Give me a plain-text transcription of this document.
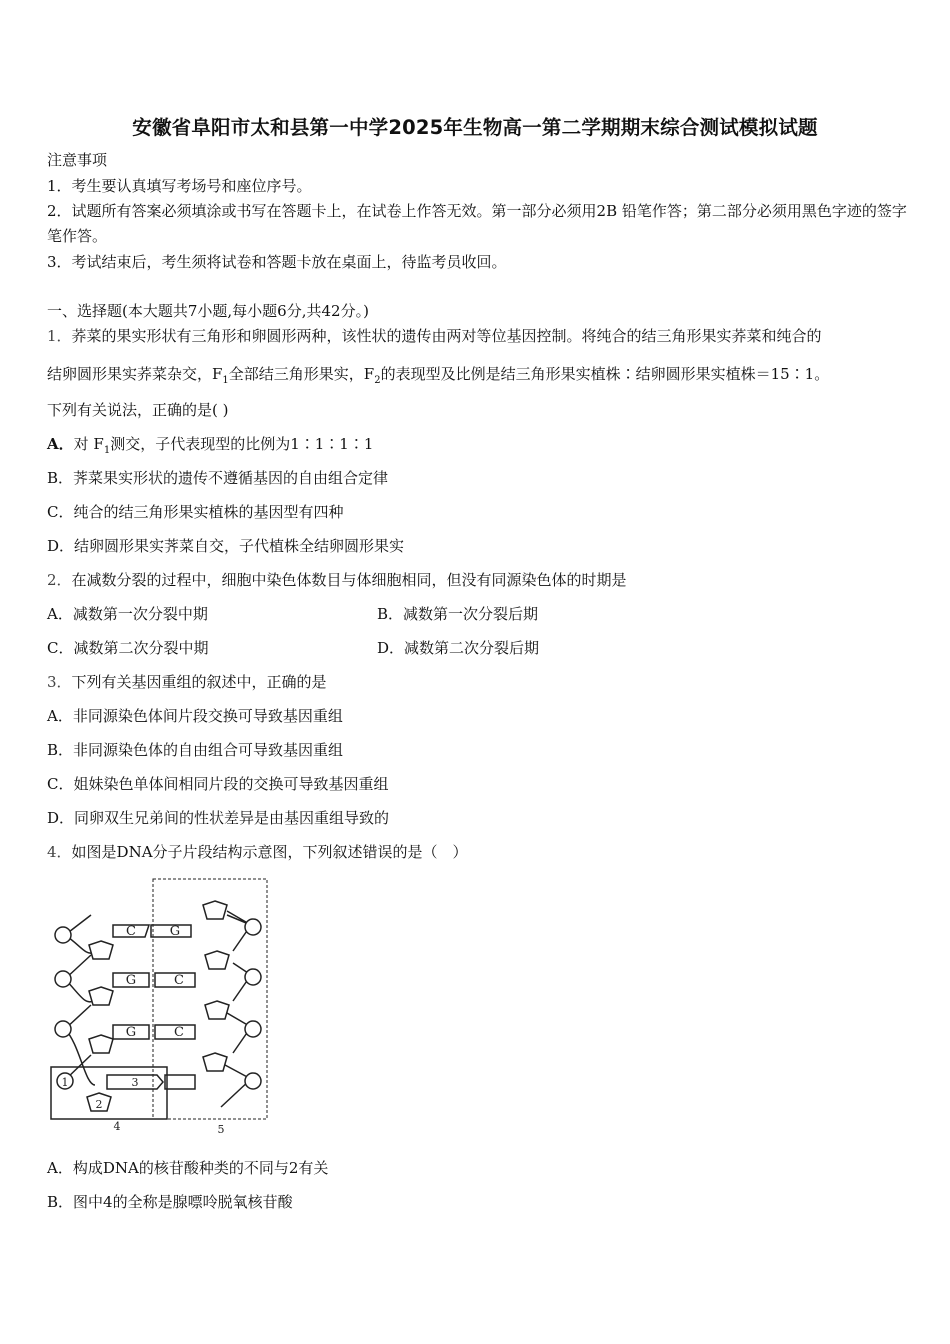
安徽省阜阳市太和县第一中学2025年生物高一第二学期期末综合测试模拟试题
注意事项
1．考生要认真填写考场号和座位序号。
2．试题所有答案必须填涂或书写在答题卡上，在试卷上作答无效。第一部分必须用2B 铅笔作答；第二部分必须用黑色字迹的签字笔作答。
3．考试结束后，考生须将试卷和答题卡放在桌面上，待监考员收回。
一、选择题(本大题共7小题,每小题6分,共42分。)
1．荞菜的果实形状有三角形和卵圆形两种，该性状的遗传由两对等位基因控制。将纯合的结三角形果实荞菜和纯合的
结卵圆形果实荞菜杂交，$F_1$全部结三角形果实，$F_2$的表现型及比例是结三角形果实植株∶结卵圆形果实植株＝15∶1。
下列有关说法，正确的是( )
A．对 $F_1$测交，子代表现型的比例为1∶1∶1∶1
B．荠菜果实形状的遗传不遵循基因的自由组合定律
C．纯合的结三角形果实植株的基因型有四种
D．结卵圆形果实荠菜自交，子代植株全结卵圆形果实
2．在减数分裂的过程中，细胞中染色体数目与体细胞相同，但没有同源染色体的时期是
A．减数第一次分裂中期	B．减数第一次分裂后期
C．减数第二次分裂中期	D．减数第二次分裂后期
3．下列有关基因重组的叙述中，正确的是
A．非同源染色体间片段交换可导致基因重组
B．非同源染色体的自由组合可导致基因重组
C．姐妹染色单体间相同片段的交换可导致基因重组
D．同卵双生兄弟间的性状差异是由基因重组导致的
4．如图是DNA分子片段结构示意图，下列叙述错误的是（　）
C
G
G
G
C
C
1
2
3
4	5
A．构成DNA的核苷酸种类的不同与2有关
B．图中4的全称是腺嘌呤脱氧核苷酸
